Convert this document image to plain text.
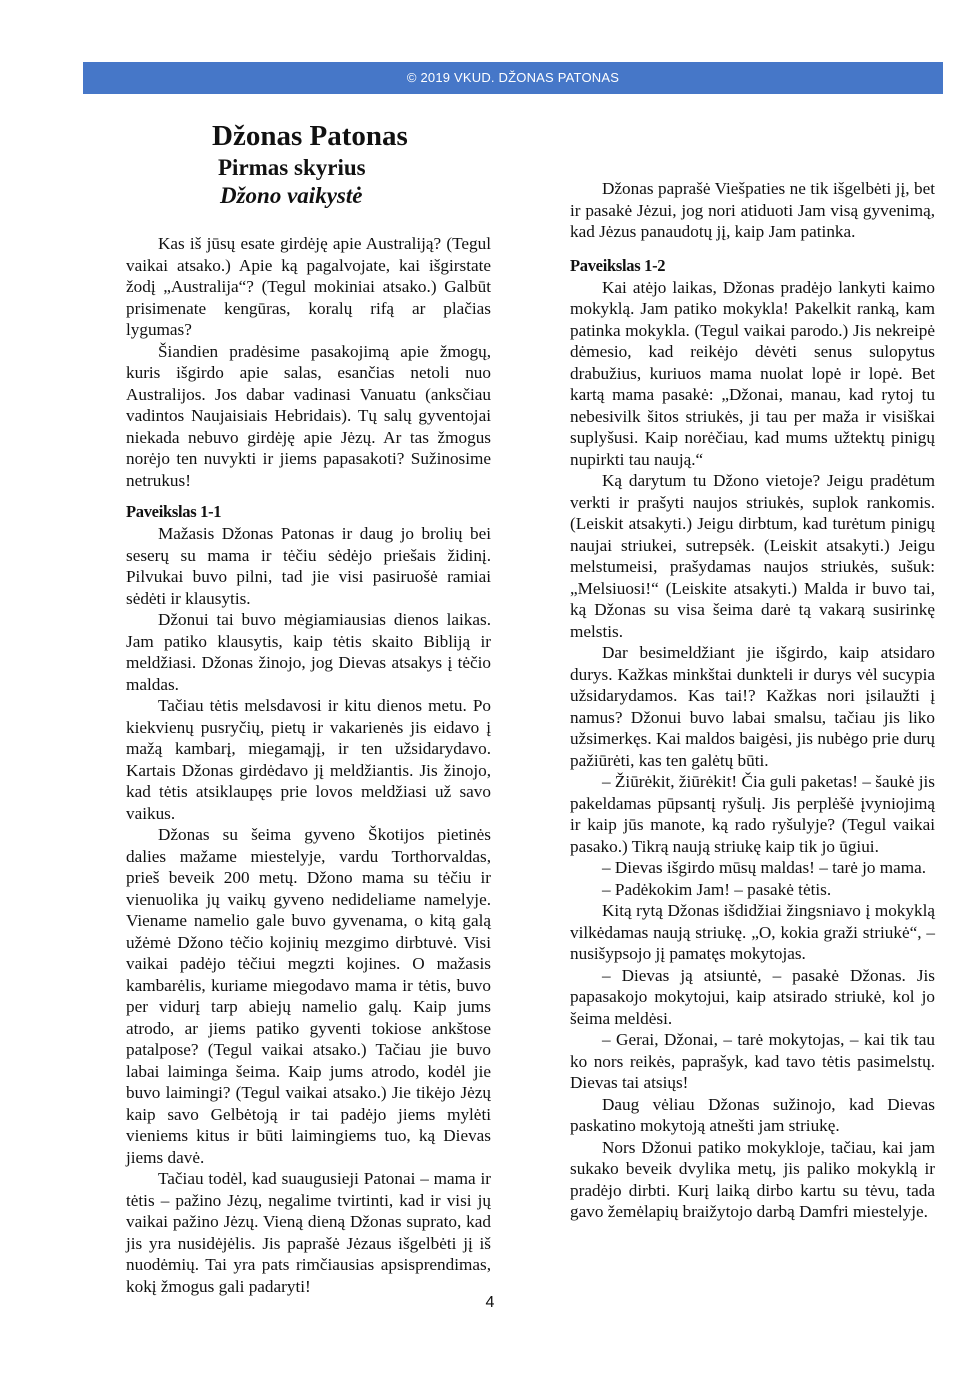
© 2019 VKUD. DŽONAS PATONAS
Džonas Patonas
Pirmas skyrius
Džono vaikystė

Kas iš jūsų esate girdėję apie Australiją? (Tegul vaikai atsako.) Apie ką pagalvojate, kai išgirstate žodį „Australija“? (Tegul mokiniai atsako.) Galbūt prisimenate kengūras, koralų rifą ar plačias lygumas?

Šiandien pradėsime pasakojimą apie žmogų, kuris išgirdo apie salas, esančias netoli nuo Australijos. Jos dabar vadinasi Vanuatu (anksčiau vadintos Naujaisiais Hebridais). Tų salų gyventojai niekada nebuvo girdėję apie Jėzų. Ar tas žmogus norėjo ten nuvykti ir jiems papasakoti? Sužinosime netrukus!

Paveikslas 1-1

Mažasis Džonas Patonas ir daug jo brolių bei seserų su mama ir tėčiu sėdėjo priešais židinį. Pilvukai buvo pilni, tad jie visi pasiruošė ramiai sėdėti ir klausytis.

Džonui tai buvo mėgiamiausias dienos laikas. Jam patiko klausytis, kaip tėtis skaito Bibliją ir meldžiasi. Džonas žinojo, jog Dievas atsakys į tėčio maldas.

Tačiau tėtis melsdavosi ir kitu dienos metu. Po kiekvienų pusryčių, pietų ir vakarienės jis eidavo į mažą kambarį, miegamąjį, ir ten užsidarydavo. Kartais Džonas girdėdavo jį meldžiantis. Jis žinojo, kad tėtis atsiklaupęs prie lovos meldžiasi už savo vaikus.

Džonas su šeima gyveno Škotijos pietinės dalies mažame miestelyje, vardu Torthorvaldas, prieš beveik 200 metų. Džono mama su tėčiu ir vienuolika jų vaikų gyveno nedideliame namelyje. Viename namelio gale buvo gyvenama, o kitą galą užėmė Džono tėčio kojinių mezgimo dirbtuvė. Visi vaikai padėjo tėčiui megzti kojines. O mažasis kambarėlis, kuriame miegodavo mama ir tėtis, buvo per vidurį tarp abiejų namelio galų. Kaip jums atrodo, ar jiems patiko gyventi tokiose ankštose patalpose? (Tegul vaikai atsako.) Tačiau jie buvo labai laiminga šeima. Kaip jums atrodo, kodėl jie buvo laimingi? (Tegul vaikai atsako.) Jie tikėjo Jėzų kaip savo Gelbėtoją ir tai padėjo jiems mylėti vieniems kitus ir būti laimingiems tuo, ką Dievas jiems davė.

Tačiau todėl, kad suaugusieji Patonai – mama ir tėtis – pažino Jėzų, negalime tvirtinti, kad ir visi jų vaikai pažino Jėzų. Vieną dieną Džonas suprato, kad jis yra nusidėjėlis. Jis paprašė Jėzaus išgelbėti jį iš nuodėmių. Tai yra pats rimčiausias apsisprendimas, kokį žmogus gali padaryti!

Džonas paprašė Viešpaties ne tik išgelbėti jį, bet ir pasakė Jėzui, jog nori atiduoti Jam visą gyvenimą, kad Jėzus panaudotų jį, kaip Jam patinka.

Paveikslas 1-2

Kai atėjo laikas, Džonas pradėjo lankyti kaimo mokyklą. Jam patiko mokykla! Pakelkit ranką, kam patinka mokykla. (Tegul vaikai parodo.) Jis nekreipė dėmesio, kad reikėjo dėvėti senus sulopytus drabužius, kuriuos mama nuolat lopė ir lopė. Bet kartą mama pasakė: „Džonai, manau, kad rytoj tu nebesivilk šitos striukės, ji tau per maža ir visiškai suplyšusi. Kaip norėčiau, kad mums užtektų pinigų nupirkti tau naują.“

Ką darytum tu Džono vietoje? Jeigu pradėtum verkti ir prašyti naujos striukės, suplok rankomis. (Leiskit atsakyti.) Jeigu dirbtum, kad turėtum pinigų naujai striukei, sutrepsėk. (Leiskit atsakyti.) Jeigu melstumeisi, prašydamas naujos striukės, sušuk: „Melsiuosi!“ (Leiskite atsakyti.) Malda ir buvo tai, ką Džonas su visa šeima darė tą vakarą susirinkę melstis.

Dar besimeldžiant jie išgirdo, kaip atsidaro durys. Kažkas minkštai dunkteli ir durys vėl sucypia užsidarydamos. Kas tai!? Kažkas nori įsilaužti į namus? Džonui buvo labai smalsu, tačiau jis liko užsimerkęs. Kai maldos baigėsi, jis nubėgo prie durų pažiūrėti, kas ten galėtų būti.

– Žiūrėkit, žiūrėkit! Čia guli paketas! – šaukė jis pakeldamas pūpsantį ryšulį. Jis perplėšė įvyniojimą ir kaip jūs manote, ką rado ryšulyje? (Tegul vaikai pasako.) Tikrą naują striukę kaip tik jo ūgiui.

– Dievas išgirdo mūsų maldas! – tarė jo mama.

– Padėkokim Jam! – pasakė tėtis.

Kitą rytą Džonas išdidžiai žingsniavo į mokyklą vilkėdamas naują striukę. „O, kokia graži striukė“, – nusišypsojo jį pamatęs mokytojas.

– Dievas ją atsiuntė, – pasakė Džonas. Jis papasakojo mokytojui, kaip atsirado striukė, kol jo šeima meldėsi.

– Gerai, Džonai, – tarė mokytojas, – kai tik tau ko nors reikės, paprašyk, kad tavo tėtis pasimelstų. Dievas tai atsiųs!

Daug vėliau Džonas sužinojo, kad Dievas paskatino mokytoją atnešti jam striukę.

Nors Džonui patiko mokykloje, tačiau, kai jam sukako beveik dvylika metų, jis paliko mokyklą ir pradėjo dirbti. Kurį laiką dirbo kartu su tėvu, tada gavo žemėlapių braižytojo darbą Damfri miestelyje.

4
